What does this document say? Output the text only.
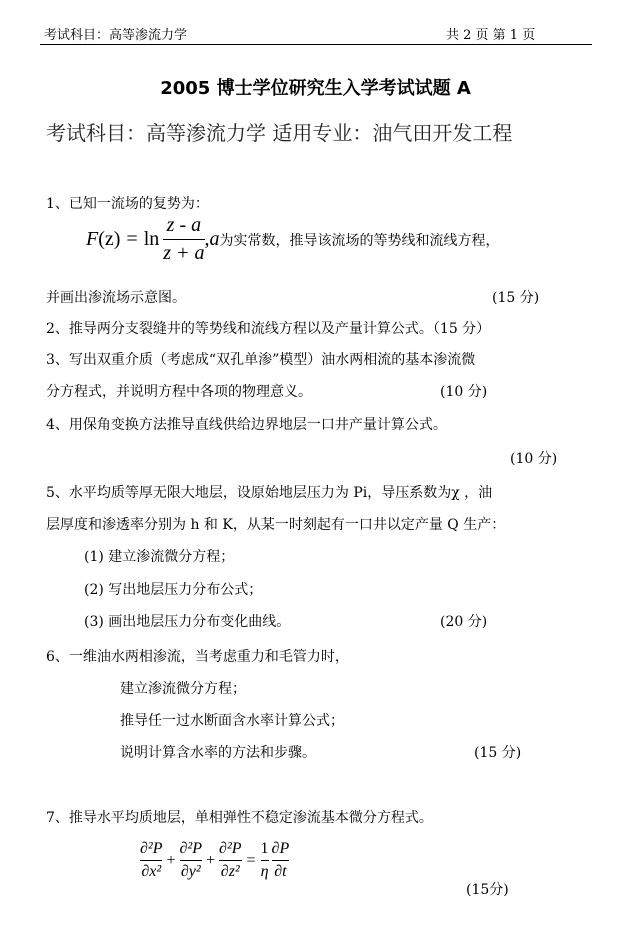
考试科目：高等渗流力学	共 2 页 第 1 页
2005 博士学位研究生入学考试试题 A
考试科目：高等渗流力学 适用专业：油气田开发工程
1、已知一流场的复势为：
F $(z) = \ln \frac{z - a}{z + a}$ , a 为实常数，推导该流场的等势线和流线方程，
并画出渗流场示意图。	(15 分)
2、推导两分支裂缝井的等势线和流线方程以及产量计算公式。（15 分）
3、写出双重介质（考虑成“双孔单渗”模型）油水两相流的基本渗流微
分方程式，并说明方程中各项的物理意义。	(10 分)
4、用保角变换方法推导直线供给边界地层一口井产量计算公式。
(10 分)
5、水平均质等厚无限大地层，设原始地层压力为 Pi，导压系数为χ ，油
层厚度和渗透率分别为 h 和 K，从某一时刻起有一口井以定产量 Q 生产：
(1) 建立渗流微分方程；
(2) 写出地层压力分布公式；
(3) 画出地层压力分布变化曲线。	(20 分)
6、一维油水两相渗流，当考虑重力和毛管力时，
建立渗流微分方程；
推导任一过水断面含水率计算公式；
说明计算含水率的方法和步骤。	(15 分)
7、推导水平均质地层，单相弹性不稳定渗流基本微分方程式。
$\frac{\text{∂²P}}{\text{∂x²}} + \frac{\text{∂²P}}{\text{∂y²}} + \frac{\text{∂²P}}{\text{∂z²}} = \frac{1}{\eta} \frac{\partial P}{\partial t}$
(15分)
